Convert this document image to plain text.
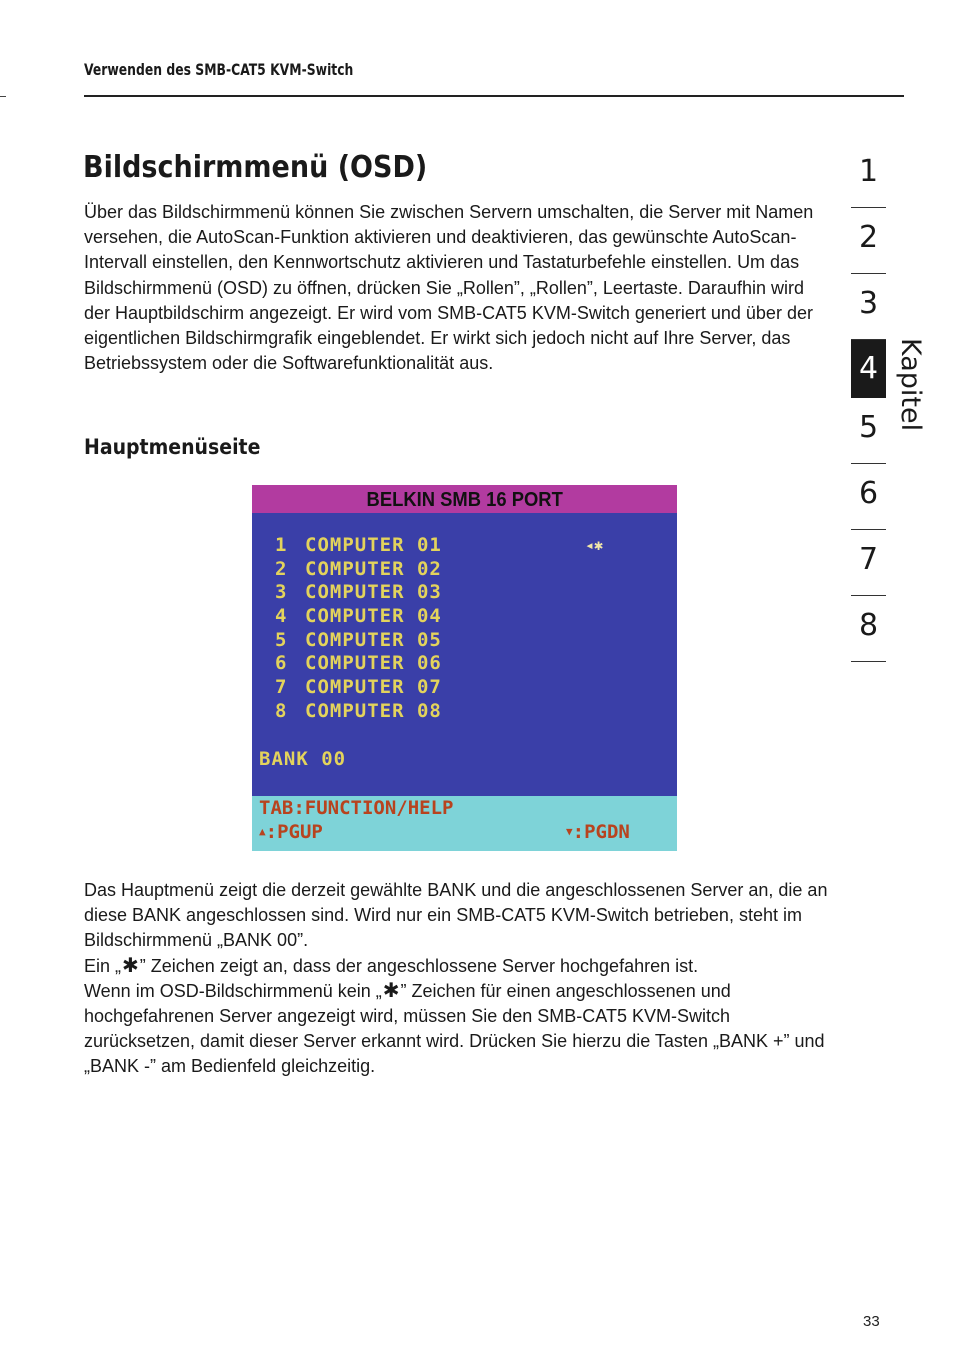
Verwenden des SMB-CAT5 KVM-Switch
Bildschirmmenü (OSD)

Über das Bildschirmmenü können Sie zwischen Servern umschalten, die Server mit Namen versehen, die AutoScan-Funktion aktivieren und deaktivieren, das gewünschte AutoScan-Intervall einstellen, den Kennwortschutz aktivieren und Tastaturbefehle einstellen. Um das Bildschirmmenü (OSD) zu öffnen, drücken Sie „Rollen”, „Rollen”, Leertaste. Daraufhin wird der Hauptbildschirm angezeigt. Er wird vom SMB-CAT5 KVM-Switch generiert und über der eigentlichen Bildschirmgrafik eingeblendet. Er wirkt sich jedoch nicht auf Ihre Server, das Betriebssystem oder die Softwarefunktionalität aus.

Hauptmenüseite
BELKIN SMB 16 PORT
1 COMPUTER 01	◂✱
2 COMPUTER 02
3 COMPUTER 03
4 COMPUTER 04
5 COMPUTER 05
6 COMPUTER 06
7 COMPUTER 07
8 COMPUTER 08
BANK 00
TAB:FUNCTION/HELP
▲:PGUP	▼:PGDN

Das Hauptmenü zeigt die derzeit gewählte BANK und die angeschlossenen Server an, die an diese BANK angeschlossen sind. Wird nur ein SMB-CAT5 KVM-Switch betrieben, steht im Bildschirmmenü „BANK 00”.

Ein „✱” Zeichen zeigt an, dass der angeschlossene Server hochgefahren ist.

Wenn im OSD-Bildschirmmenü kein „✱” Zeichen für einen angeschlossenen und hochgefahrenen Server angezeigt wird, müssen Sie den SMB-CAT5 KVM-Switch zurücksetzen, damit dieser Server erkannt wird. Drücken Sie hierzu die Tasten „BANK +” und „BANK -” am Bedienfeld gleichzeitig.

1
2
3
4
5
6
7
8
Kapitel
33
